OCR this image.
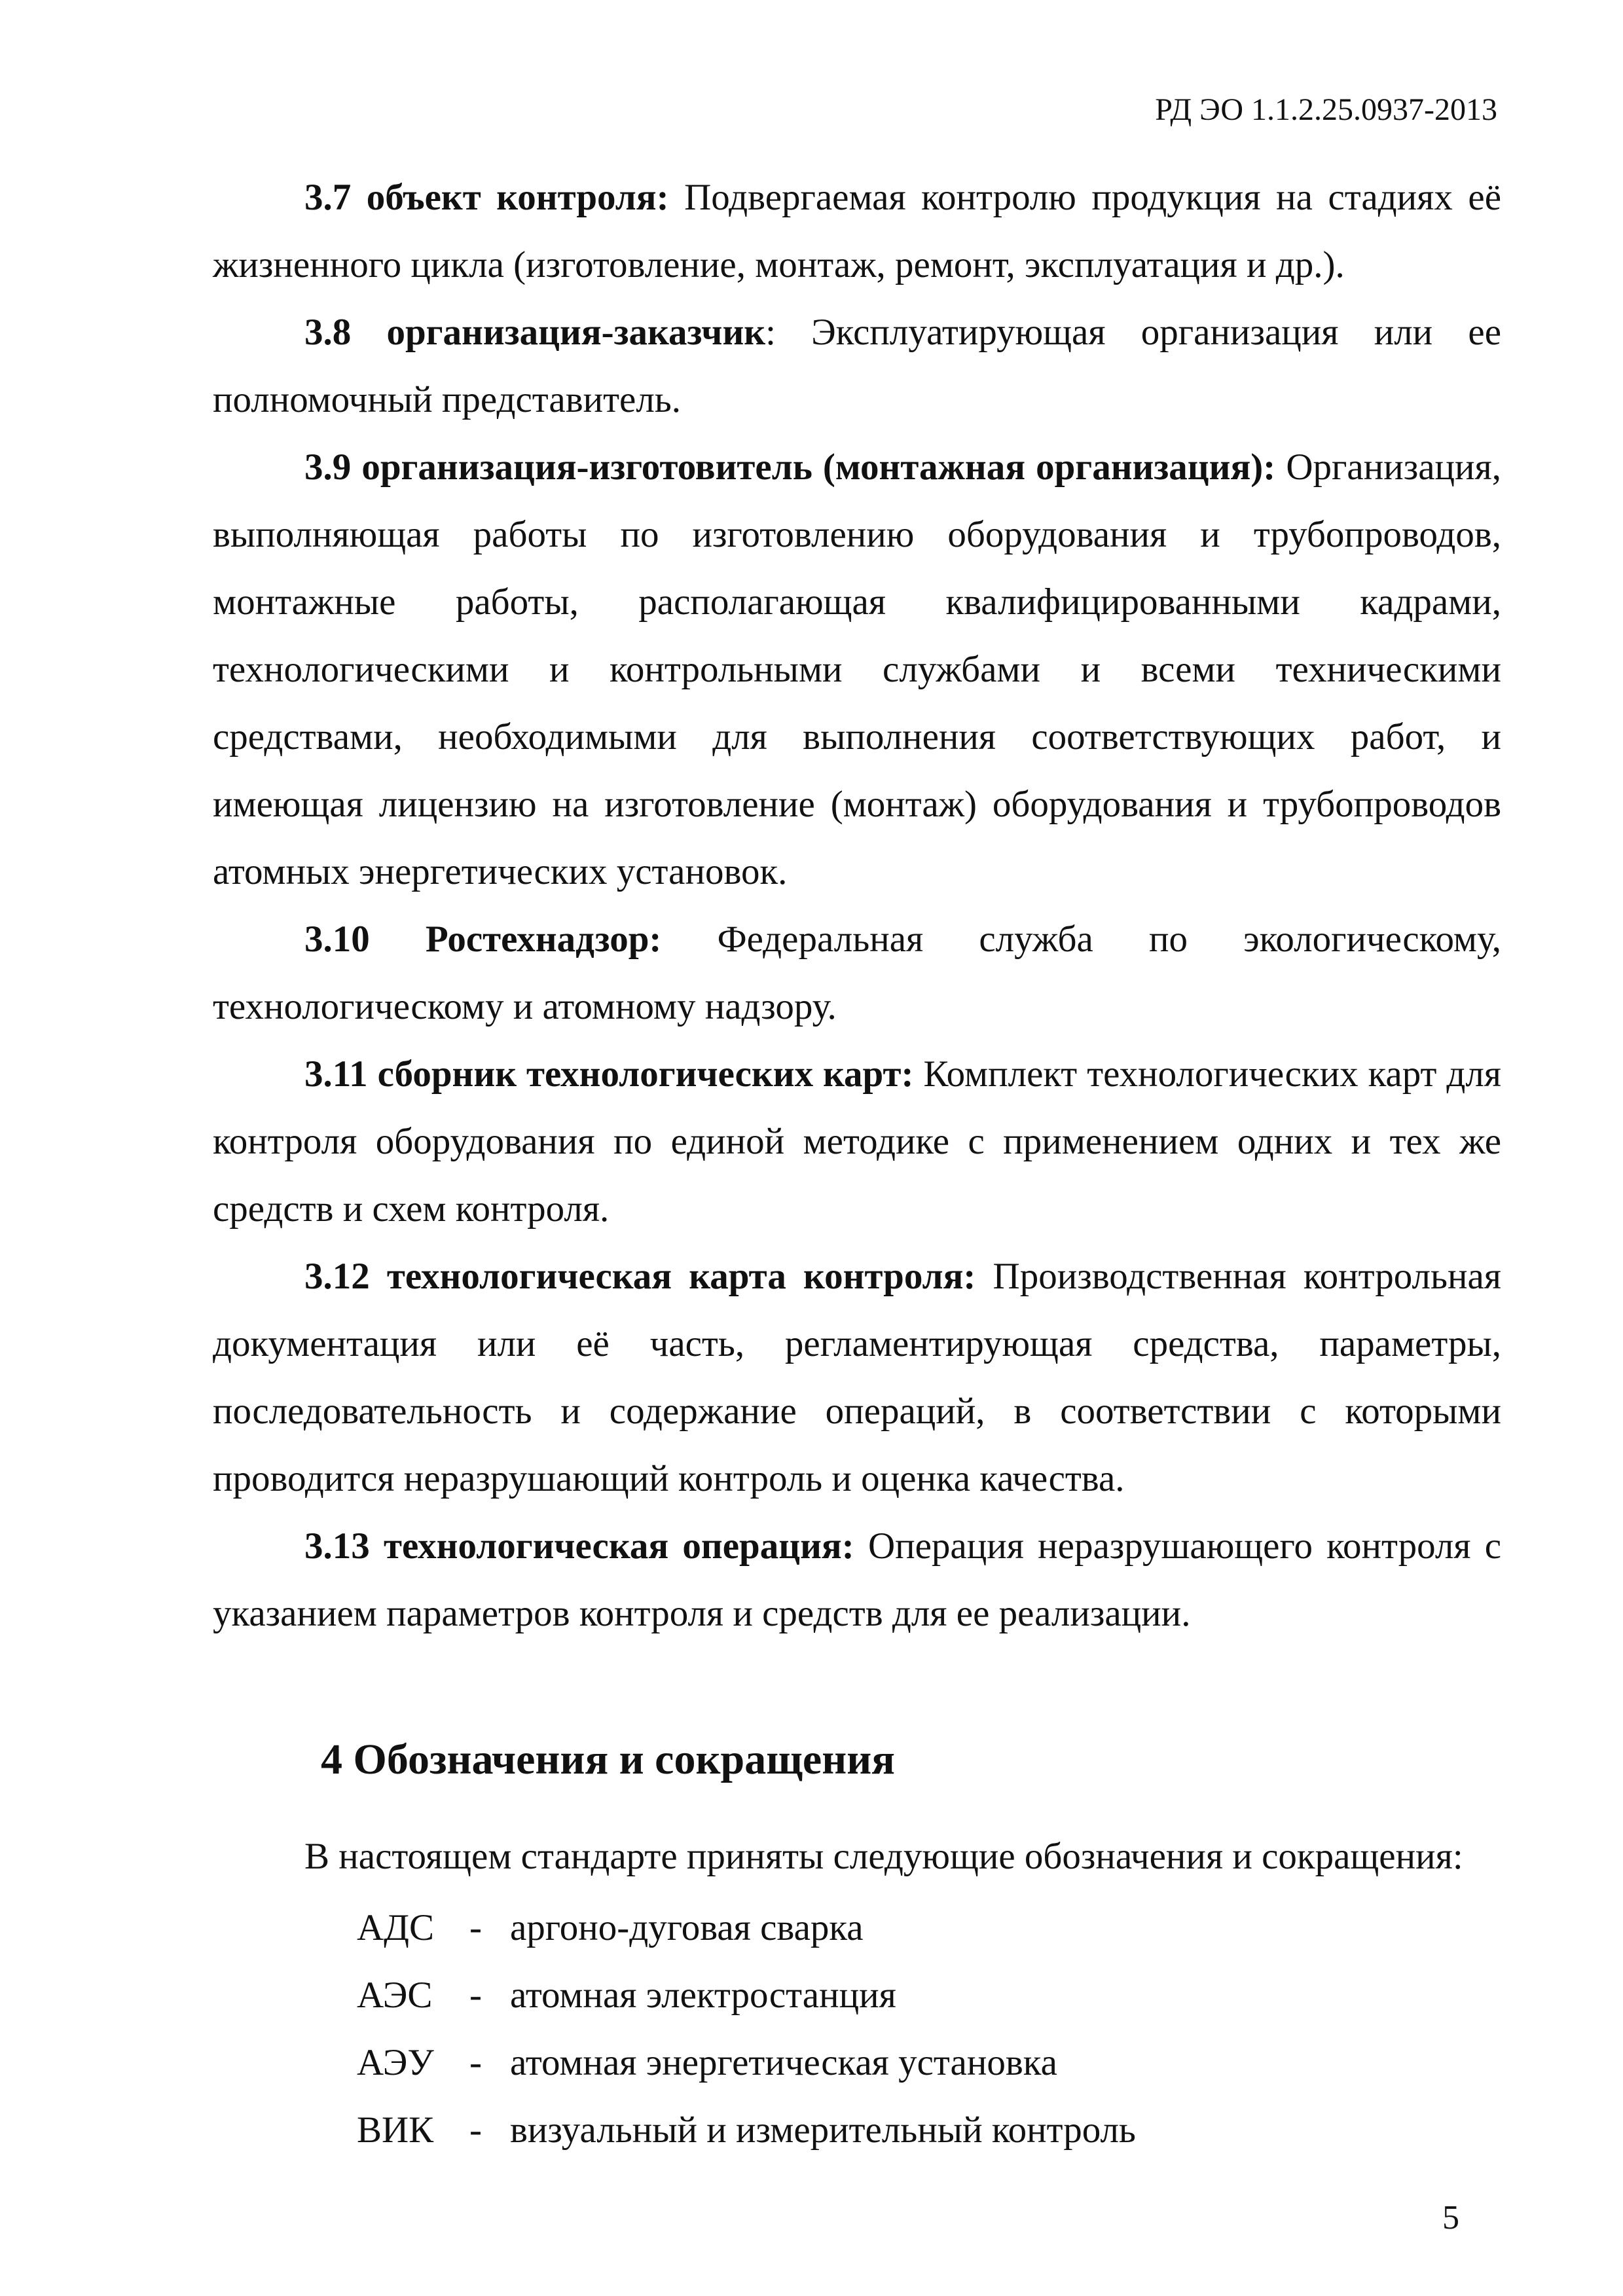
РД ЭО 1.1.2.25.0937-2013

3.7 объект контроля: Подвергаемая контролю продукция на стадиях её жизненного цикла (изготовление, монтаж, ремонт, эксплуатация и др.).

3.8 организация-заказчик: Эксплуатирующая организация или ее полномочный представитель.

3.9 организация-изготовитель (монтажная организация): Организация, выполняющая работы по изготовлению оборудования и трубопроводов, монтажные работы, располагающая квалифицированными кадрами, технологическими и контрольными службами и всеми техническими средствами, необходимыми для выполнения соответствующих работ, и имеющая лицензию на изготовление (монтаж) оборудования и трубопроводов атомных энергетических установок.

3.10 Ростехнадзор: Федеральная служба по экологическому, технологическому и атомному надзору.

3.11 сборник технологических карт: Комплект технологических карт для контроля оборудования по единой методике с применением одних и тех же средств и схем контроля.

3.12 технологическая карта контроля: Производственная контрольная документация или её часть, регламентирующая средства, параметры, последовательность и содержание операций, в соответствии с которыми проводится неразрушающий контроль и оценка качества.

3.13 технологическая операция: Операция неразрушающего контроля с указанием параметров контроля и средств для ее реализации.

4 Обозначения и сокращения

В настоящем стандарте приняты следующие обозначения и сокращения:

АДС - аргоно-дуговая сварка
АЭС - атомная электростанция
АЭУ - атомная энергетическая установка
ВИК - визуальный и измерительный контроль
5
